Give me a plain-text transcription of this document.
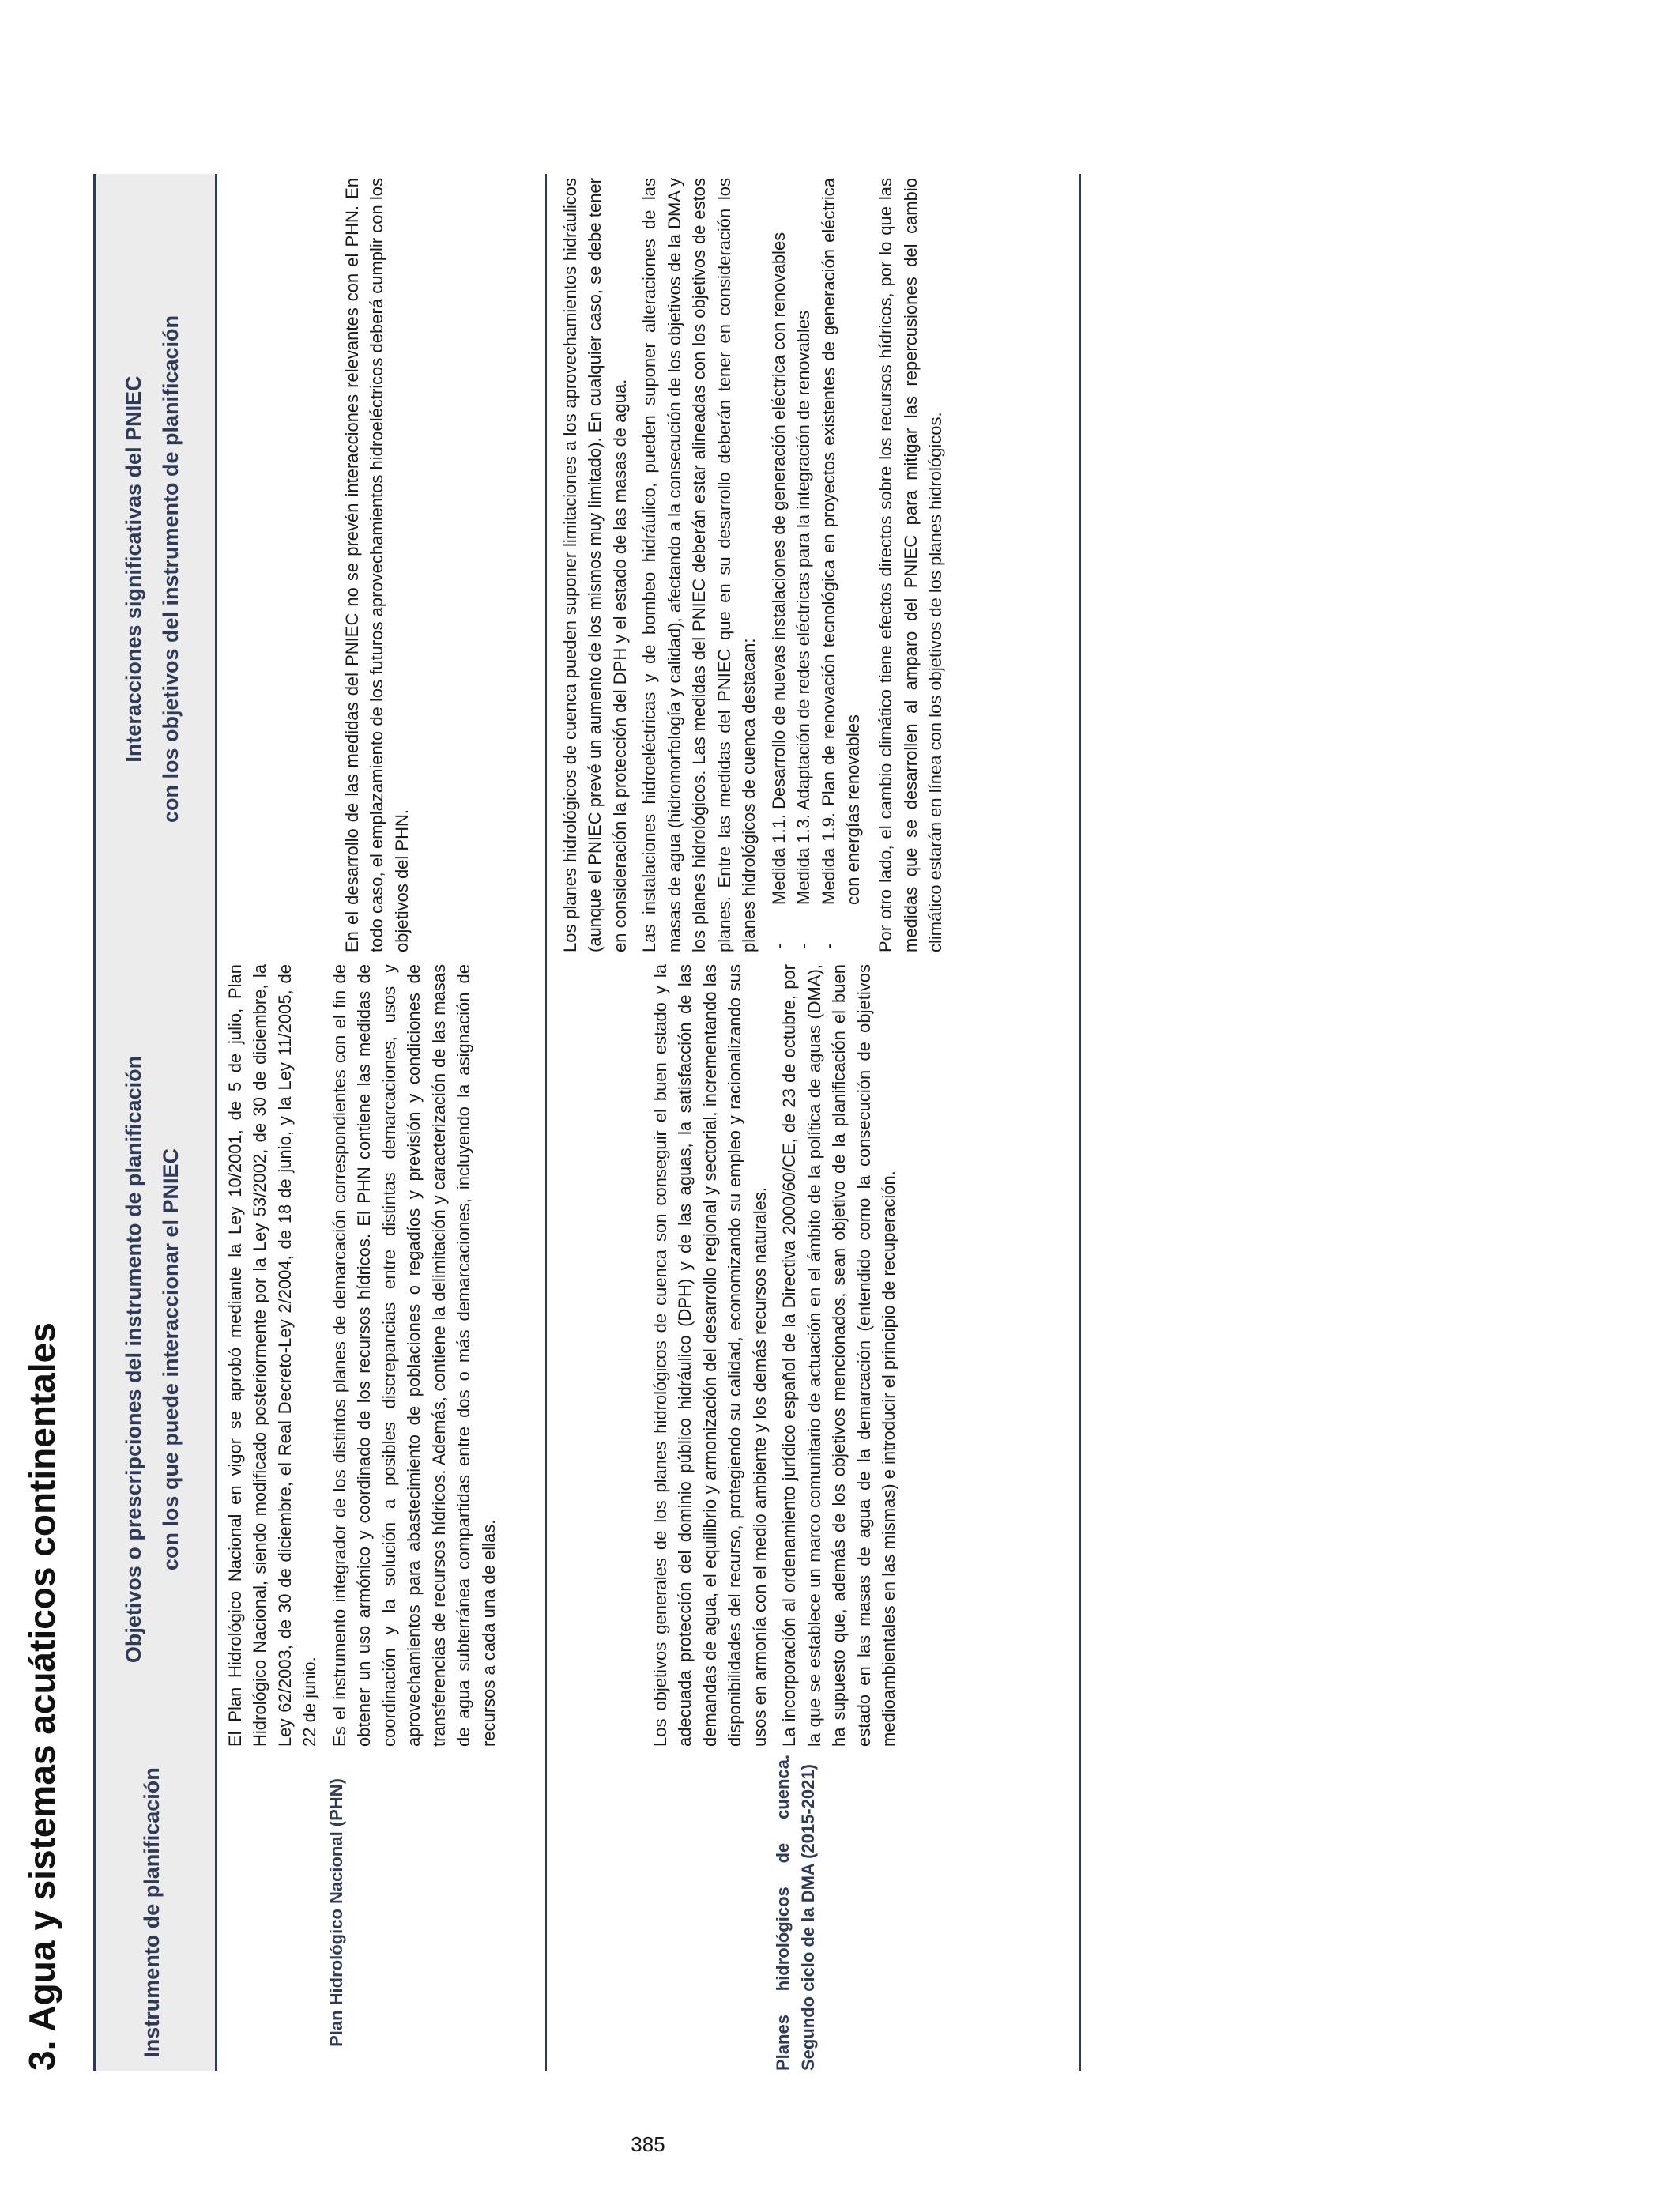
385
3. Agua y sistemas acuáticos continentales	Instrumento de planificación
Objetivos o prescripciones del instrumento de planificación con los que puede interaccionar el PNIEC
Interacciones significativas del PNIEC con los objetivos del instrumento de planificación
Plan Hidrológico Nacional (PHN)

El Plan Hidrológico Nacional en vigor se aprobó mediante la Ley 10/2001, de 5 de julio, Plan Hidrológico Nacional, siendo modificado posteriormente por la Ley 53/2002, de 30 de diciembre, la Ley 62/2003, de 30 de diciembre, el Real Decreto-Ley 2/2004, de 18 de junio, y la Ley 11/2005, de 22 de junio. Es el instrumento integrador de los distintos planes de demarcación correspondientes con el fin de obtener un uso armónico y coordinado de los recursos hídricos. El PHN contiene las medidas de coordinación y la solución a posibles discrepancias entre distintas demarcaciones, usos y aprovechamientos para abastecimiento de poblaciones o regadíos y previsión y condiciones de transferencias de recursos hídricos. Además, contiene la delimitación y caracterización de las masas de agua subterránea compartidas entre dos o más demarcaciones, incluyendo la asignación de recursos a cada una de ellas.

En el desarrollo de las medidas del PNIEC no se prevén interacciones relevantes con el PHN. En todo caso, el emplazamiento de los futuros aprovechamientos hidroeléctricos deberá cumplir con los objetivos del PHN.

Planes hidrológicos de cuenca. Segundo ciclo de la DMA (2015-2021)

Los objetivos generales de los planes hidrológicos de cuenca son conseguir el buen estado y la adecuada protección del dominio público hidráulico (DPH) y de las aguas, la satisfacción de las demandas de agua, el equilibrio y armonización del desarrollo regional y sectorial, incrementando las disponibilidades del recurso, protegiendo su calidad, economizando su empleo y racionalizando sus usos en armonía con el medio ambiente y los demás recursos naturales. La incorporación al ordenamiento jurídico español de la Directiva 2000/60/CE, de 23 de octubre, por la que se establece un marco comunitario de actuación en el ámbito de la política de aguas (DMA), ha supuesto que, además de los objetivos mencionados, sean objetivo de la planificación el buen estado en las masas de agua de la demarcación (entendido como la consecución de objetivos medioambientales en las mismas) e introducir el principio de recuperación.

Los planes hidrológicos de cuenca pueden suponer limitaciones a los aprovechamientos hidráulicos (aunque el PNIEC prevé un aumento de los mismos muy limitado). En cualquier caso, se debe tener en consideración la protección del DPH y el estado de las masas de agua. Las instalaciones hidroeléctricas y de bombeo hidráulico, pueden suponer alteraciones de las masas de agua (hidromorfología y calidad), afectando a la consecución de los objetivos de la DMA y los planes hidrológicos. Las medidas del PNIEC deberán estar alineadas con los objetivos de estos planes. Entre las medidas del PNIEC que en su desarrollo deberán tener en consideración los planes hidrológicos de cuenca destacan: - Medida 1.1. Desarrollo de nuevas instalaciones de generación eléctrica con renovables - Medida 1.3. Adaptación de redes eléctricas para la integración de renovables - Medida 1.9. Plan de renovación tecnológica en proyectos existentes de generación eléctrica con energías renovables Por otro lado, el cambio climático tiene efectos directos sobre los recursos hídricos, por lo que las medidas que se desarrollen al amparo del PNIEC para mitigar las repercusiones del cambio climático estarán en línea con los objetivos de los planes hidrológicos.
